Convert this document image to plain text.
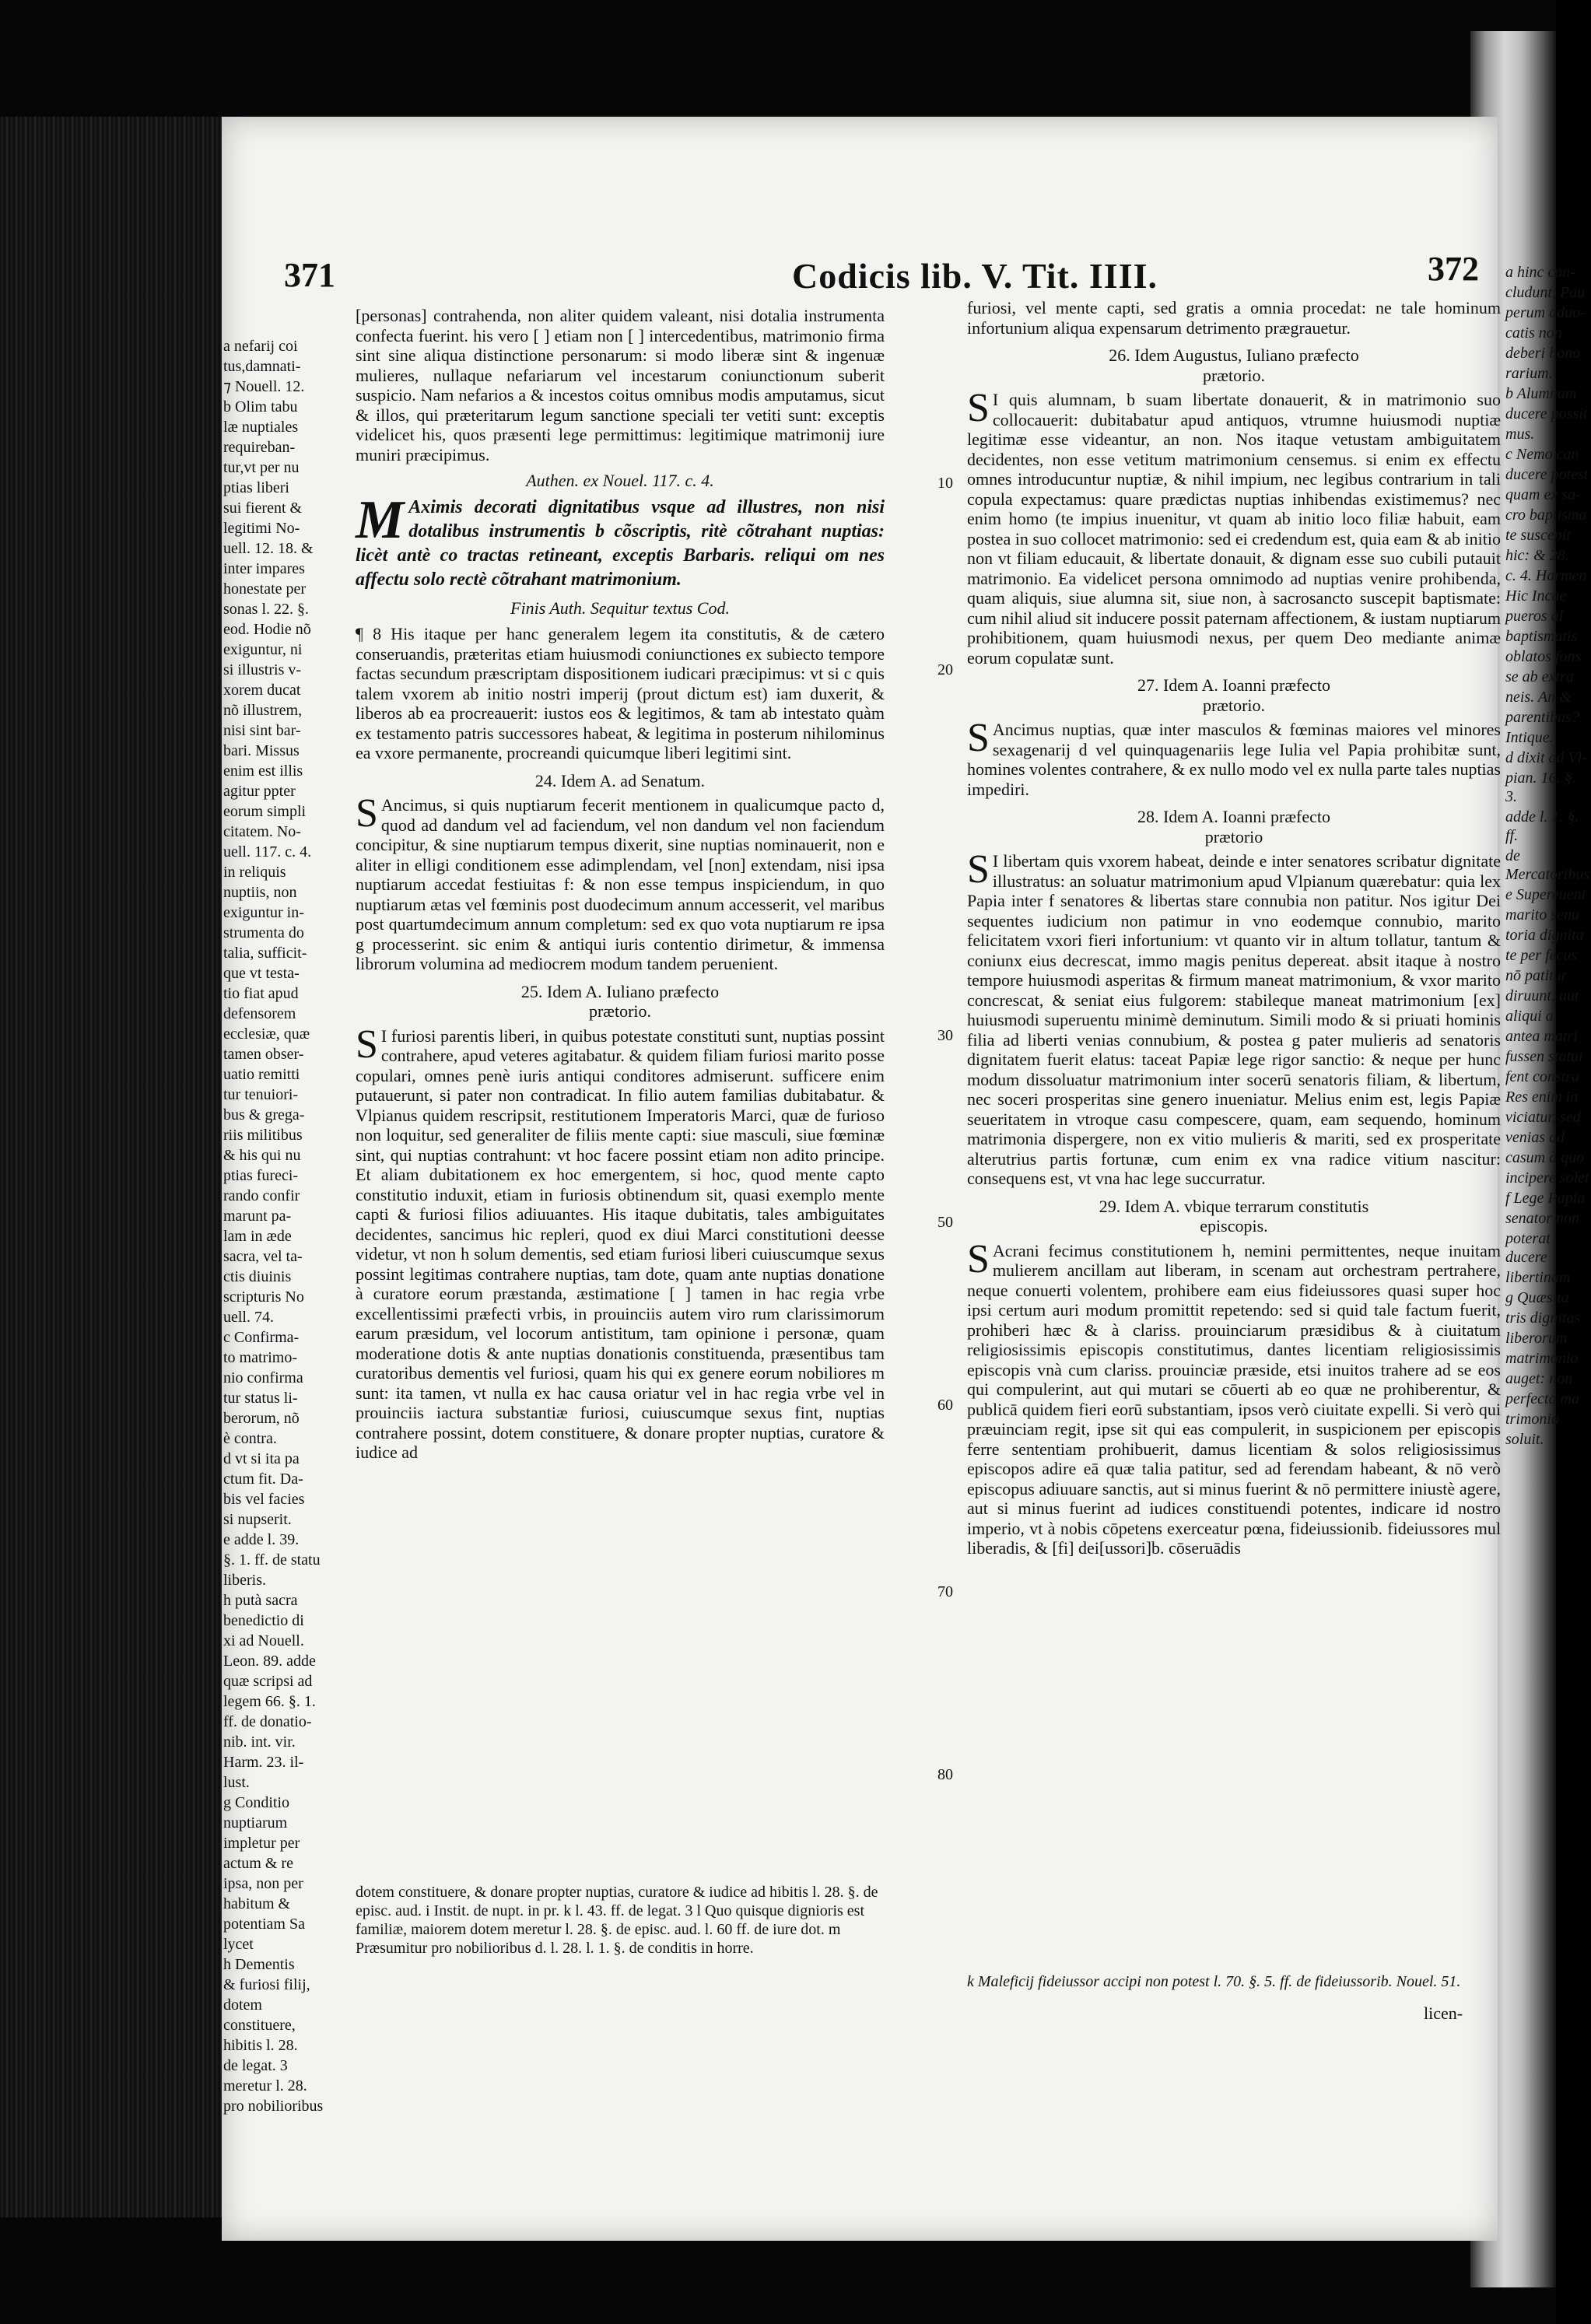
371	Codicis lib. V. Tit. IIII.	372
a nefarij coi
tus,damnati-
⁊ Nouell. 12.
b Olim tabu
læ nuptiales
requireban-
tur,vt per nu
ptias liberi
sui fierent &
legitimi No-
uell. 12. 18. &
inter impares
honestate per
sonas l. 22. §.
eod. Hodie nõ
exiguntur, ni
si illustris v-
xorem ducat
nõ illustrem,
nisi sint bar-
bari. Missus
enim est illis
agitur ppter
eorum simpli
citatem. No-
uell. 117. c. 4.
in reliquis
nuptiis, non
exiguntur in-
strumenta do
talia, sufficit-
que vt testa-
tio fiat apud
defensorem
ecclesiæ, quæ
tamen obser-
uatio remitti
tur tenuiori-
bus & grega-
riis militibus
& his qui nu
ptias fureci-
rando confir
marunt pa-
lam in æde
sacra, vel ta-
ctis diuinis
scripturis No
uell. 74.
c Confirma-
to matrimo-
nio confirma
tur status li-
berorum, nõ
è contra.
d vt si ita pa
ctum fit. Da-
bis vel facies
si nupserit.
e adde l. 39.
§. 1. ff. de statu
liberis.
h putà sacra
benedictio di
xi ad Nouell.
Leon. 89. adde
quæ scripsi ad
legem 66. §. 1.
ff. de donatio-
nib. int. vir.
Harm. 23. il-
lust.
g Conditio
nuptiarum
impletur per
actum & re
ipsa, non per
habitum &
potentiam Sa
lycet
h Dementis
& furiosi filij,
dotem
constituere,
hibitis l. 28.
de legat. 3
meretur l. 28.
pro nobilioribus

[personas] contrahenda, non aliter quidem valeant, nisi dotalia instrumenta confecta fuerint. his vero [ ] etiam non [ ] intercedentibus, matrimonio firma sint sine aliqua distinctione personarum: si modo liberæ sint & ingenuæ mulieres, nullaque nefariarum vel incestarum coniunctionum suberit suspicio. Nam nefarios a & incestos coitus omnibus modis amputamus, sicut & illos, qui præteritarum legum sanctione speciali ter vetiti sunt: exceptis videlicet his, quos præsenti lege permittimus: legitimique matrimonij iure muniri præcipimus.

Authen. ex Nouel. 117. c. 4.

M Aximis decorati dignitatibus vsque ad illustres, non nisi dotalibus instrumentis b cõscriptis, ritè cõtrahant nuptias: licèt antè co tractas retineant, exceptis Barbaris. reliqui om nes affectu solo rectè cõtrahant matrimonium.

Finis Auth. Sequitur textus Cod.

¶ 8 His itaque per hanc generalem legem ita constitutis, & de cætero conseruandis, præteritas etiam huiusmodi coniunctiones ex subiecto tempore factas secundum præscriptam dispositionem iudicari præcipimus: vt si c quis talem vxorem ab initio nostri imperij (prout dictum est) iam duxerit, & liberos ab ea procreauerit: iustos eos & legitimos, & tam ab intestato quàm ex testamento patris successores habeat, & legitima in posterum nihilominus ea vxore permanente, procreandi quicumque liberi legitimi sint.

24. Idem A. ad Senatum.

S Ancimus, si quis nuptiarum fecerit mentionem in qualicumque pacto d, quod ad dandum vel ad faciendum, vel non dandum vel non faciendum concipitur, & sine nuptiarum tempus dixerit, sine nuptias nominauerit, non e aliter in elligi conditionem esse adimplendam, vel [non] extendam, nisi ipsa nuptiarum accedat festiuitas f: & non esse tempus inspiciendum, in quo nuptiarum ætas vel fœminis post duodecimum annum accesserit, vel maribus post quartumdecimum annum completum: sed ex quo vota nuptiarum re ipsa g processerint. sic enim & antiqui iuris contentio dirimetur, & immensa librorum volumina ad mediocrem modum tandem peruenient.

25. Idem A. Iuliano præfecto
prætorio.

S I furiosi parentis liberi, in quibus potestate constituti sunt, nuptias possint contrahere, apud veteres agitabatur. & quidem filiam furiosi marito posse copulari, omnes penè iuris antiqui conditores admiserunt. sufficere enim putauerunt, si pater non contradicat. In filio autem familias dubitabatur. & Vlpianus quidem rescripsit, restitutionem Imperatoris Marci, quæ de furioso non loquitur, sed generaliter de filiis mente capti: siue masculi, siue fœminæ sint, qui nuptias contrahunt: vt hoc facere possint etiam non adito principe. Et aliam dubitationem ex hoc emergentem, si hoc, quod mente capto constitutio induxit, etiam in furiosis obtinendum sit, quasi exemplo mente capti & furiosi filios adiuuantes. His itaque dubitatis, tales ambiguitates decidentes, sancimus hic repleri, quod ex diui Marci constitutioni deesse videtur, vt non h solum dementis, sed etiam furiosi liberi cuiuscumque sexus possint legitimas contrahere nuptias, tam dote, quam ante nuptias donatione à curatore eorum præstanda, æstimatione [ ] tamen in hac regia vrbe excellentissimi præfecti vrbis, in prouinciis autem viro rum clarissimorum earum præsidum, vel locorum antistitum, tam opinione i personæ, quam moderatione dotis & ante nuptias donationis constituenda, præsentibus tam curatoribus dementis vel furiosi, quam his qui ex genere eorum nobiliores m sunt: ita tamen, vt nulla ex hac causa oriatur vel in hac regia vrbe vel in prouinciis iactura substantiæ furiosi, cuiuscumque sexus fint, nuptias contrahere possint, dotem constituere, & donare propter nuptias, curatore & iudice ad

furiosi, vel mente capti, sed gratis a omnia procedat: ne tale hominum infortunium aliqua expensarum detrimento prægrauetur.

26. Idem Augustus, Iuliano præfecto
prætorio.

S I quis alumnam, b suam libertate donauerit, & in matrimonio suo collocauerit: dubitabatur apud antiquos, vtrumne huiusmodi nuptiæ legitimæ esse videantur, an non. Nos itaque vetustam ambiguitatem decidentes, non esse vetitum matrimonium censemus. si enim ex effectu omnes introducuntur nuptiæ, & nihil impium, nec legibus contrarium in tali copula expectamus: quare prædictas nuptias inhibendas existimemus? nec enim homo (te impius inuenitur, vt quam ab initio loco filiæ habuit, eam postea in suo collocet matrimonio: sed ei credendum est, quia eam & ab initio non vt filiam educauit, & libertate donauit, & dignam esse suo cubili putauit matrimonio. Ea videlicet persona omnimodo ad nuptias venire prohibenda, quam aliquis, siue alumna sit, siue non, à sacrosancto suscepit baptismate: cum nihil aliud sit inducere possit paternam affectionem, & iustam nuptiarum prohibitionem, quam huiusmodi nexus, per quem Deo mediante animæ eorum copulatæ sunt.

27. Idem A. Ioanni præfecto
prætorio.

S Ancimus nuptias, quæ inter masculos & fœminas maiores vel minores sexagenarij d vel quinquagenariis lege Iulia vel Papia prohibitæ sunt, homines volentes contrahere, & ex nullo modo vel ex nulla parte tales nuptias impediri.

28. Idem A. Ioanni præfecto
prætorio

S I libertam quis vxorem habeat, deinde e inter senatores scribatur dignitate illustratus: an soluatur matrimonium apud Vlpianum quærebatur: quia lex Papia inter f senatores & libertas stare connubia non patitur. Nos igitur Dei sequentes iudicium non patimur in vno eodemque connubio, marito felicitatem vxori fieri infortunium: vt quanto vir in altum tollatur, tantum & coniunx eius decrescat, immo magis penitus depereat. absit itaque à nostro tempore huiusmodi asperitas & firmum maneat matrimonium, & vxor marito concrescat, & seniat eius fulgorem: stabileque maneat matrimonium [ex] huiusmodi superuentu minimè deminutum. Simili modo & si priuati hominis filia ad liberti venias connubium, & postea g pater mulieris ad senatoris dignitatem fuerit elatus: taceat Papiæ lege rigor sanctio: & neque per hunc modum dissoluatur matrimonium inter socerū senatoris filiam, & libertum, nec soceri prosperitas sine genero inueniatur. Melius enim est, legis Papiæ seueritatem in vtroque casu compescere, quam, eam sequendo, hominum matrimonia dispergere, non ex vitio mulieris & mariti, sed ex prosperitate alterutrius partis fortunæ, cum enim ex vna radice vitium nascitur: consequens est, vt vna hac lege succurratur.

29. Idem A. vbique terrarum constitutis
episcopis.

S Acrani fecimus constitutionem h, nemini permittentes, neque inuitam mulierem ancillam aut liberam, in scenam aut orchestram pertrahere, neque conuerti volentem, prohibere eam eius fideiussores quasi super hoc ipsi certum auri modum promittit repetendo: sed si quid tale factum fuerit, prohiberi hæc & à clariss. prouinciarum præsidibus & à ciuitatum religiosissimis episcopis constitutimus, dantes licentiam religiosissimis episcopis vnà cum clariss. prouinciæ præside, etsi inuitos trahere ad se eos qui compulerint, aut qui mutari se cōuerti ab eo quæ ne prohiberentur, & publicā quidem fieri eorū substantiam, ipsos verò ciuitate expelli. Si verò qui præuinciam regit, ipse sit qui eas compulerit, in suspicionem per episcopis ferre sententiam prohibuerit, damus licentiam & solos religiosissimus episcopos adire eā quæ talia patitur, sed ad ferendam habeant, & nō verò episcopus adiuuare sanctis, aut si minus fuerint & nō permittere iniustè agere, aut si minus fuerint ad iudices constituendi potentes, indicare id nostro imperio, vt à nobis cōpetens exerceatur pœna, fideiussionib. fideiussores mul liberadis, & [fi] dei[ussori]b. cōseruādis

10
20
30
50
60
70
80
a hinc con-
cludunt, Pau
perum aduo-
catis non
deberi hono
rarium.
b Alumnam
ducere possit
mus.
c Nemo can
ducere potest
quam ex sa-
cro baptisma
te suscepit
hic: & 28.
c. 4. Harmen
Hic Incae
pueros al
baptismatis
oblatos fons
se ab extra
neis. An &
parentibus?
Intique.
d dixit ad Vl-
pian. 16. §. 3.
adde l. 1. §. ff.
de Mercatoribus
e Supereueni
marito sena
toria dignita
te per fecus
nō patitur
diruunt, aut
aliqui a
antea matri
fussen statui
fent constra
Res enim in
viciatur, sed
venias ad
casum à quo
incipere solet
f Lege Papia
senator non
poterat ducere
libertinam
g Quæsita
tris dignitas
liberorum
matrimonio
auget: non
perfecta ma
trimonia
soluit.
dotem constituere, & donare propter nuptias, curatore & iudice ad hibitis l. 28. §. de episc. aud. i Instit. de nupt. in pr. k l. 43. ff. de legat. 3 l Quo quisque dignioris est familiæ, maiorem dotem meretur l. 28. §. de episc. aud. l. 60 ff. de iure dot. m Præsumitur pro nobilioribus d. l. 28. l. 1. §. de conditis in horre.
k Maleficij fideiussor accipi non potest l. 70. §. 5. ff. de fideiussorib. Nouel. 51.
licen-
